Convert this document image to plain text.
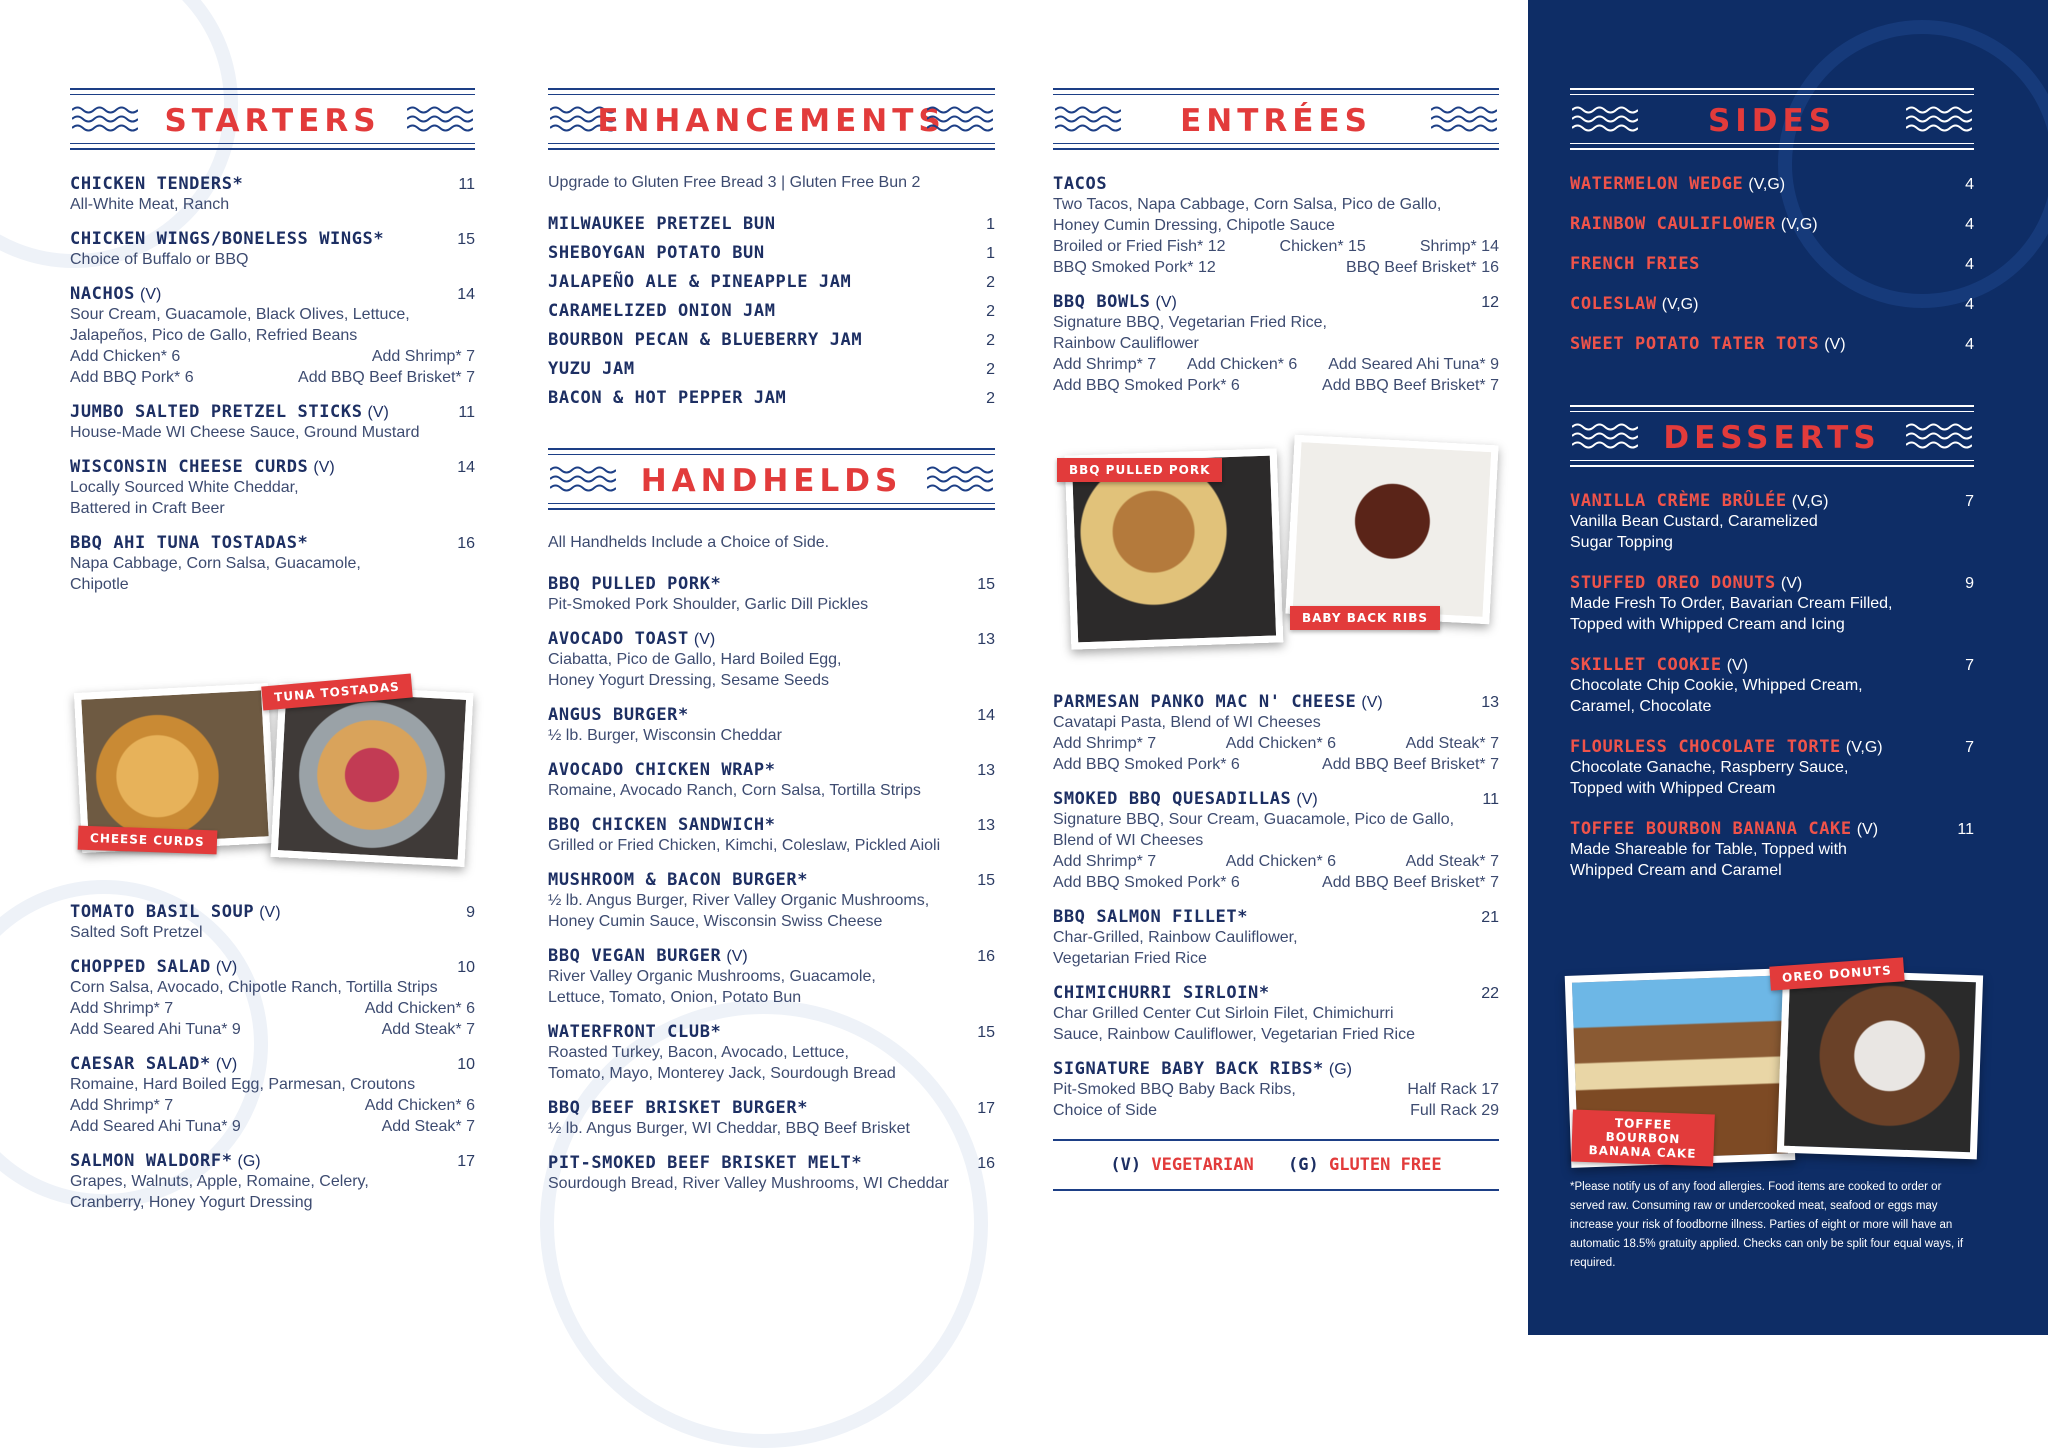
STARTERS
CHICKEN TENDERS*	11
All-White Meat, Ranch
CHICKEN WINGS/BONELESS WINGS*	15
Choice of Buffalo or BBQ
NACHOS (V)	14
Sour Cream, Guacamole, Black Olives, Lettuce,
Jalapeños, Pico de Gallo, Refried Beans
Add Chicken* 6	Add Shrimp* 7
Add BBQ Pork* 6	Add BBQ Beef Brisket* 7
JUMBO SALTED PRETZEL STICKS (V)	11
House-Made WI Cheese Sauce, Ground Mustard
WISCONSIN CHEESE CURDS (V)	14
Locally Sourced White Cheddar,
Battered in Craft Beer
BBQ AHI TUNA TOSTADAS*	16
Napa Cabbage, Corn Salsa, Guacamole,
Chipotle
TOMATO BASIL SOUP (V)	9
Salted Soft Pretzel
CHOPPED SALAD (V)	10
Corn Salsa, Avocado, Chipotle Ranch, Tortilla Strips
Add Shrimp* 7	Add Chicken* 6
Add Seared Ahi Tuna* 9	Add Steak* 7
CAESAR SALAD* (V)	10
Romaine, Hard Boiled Egg, Parmesan, Croutons
Add Shrimp* 7	Add Chicken* 6
Add Seared Ahi Tuna* 9	Add Steak* 7
SALMON WALDORF* (G)	17
Grapes, Walnuts, Apple, Romaine, Celery,
Cranberry, Honey Yogurt Dressing
TUNA TOSTADAS
CHEESE CURDS
ENHANCEMENTS
Upgrade to Gluten Free Bread 3 | Gluten Free Bun 2
MILWAUKEE PRETZEL BUN	1
SHEBOYGAN POTATO BUN	1
JALAPEÑO ALE & PINEAPPLE JAM	2
CARAMELIZED ONION JAM	2
BOURBON PECAN & BLUEBERRY JAM	2
YUZU JAM	2
BACON & HOT PEPPER JAM	2
HANDHELDS
All Handhelds Include a Choice of Side.
BBQ PULLED PORK*	15
Pit-Smoked Pork Shoulder, Garlic Dill Pickles
AVOCADO TOAST (V)	13
Ciabatta, Pico de Gallo, Hard Boiled Egg,
Honey Yogurt Dressing, Sesame Seeds
ANGUS BURGER*	14
½ lb. Burger, Wisconsin Cheddar
AVOCADO CHICKEN WRAP*	13
Romaine, Avocado Ranch, Corn Salsa, Tortilla Strips
BBQ CHICKEN SANDWICH*	13
Grilled or Fried Chicken, Kimchi, Coleslaw, Pickled Aioli
MUSHROOM & BACON BURGER*	15
½ lb. Angus Burger, River Valley Organic Mushrooms,
Honey Cumin Sauce, Wisconsin Swiss Cheese
BBQ VEGAN BURGER (V)	16
River Valley Organic Mushrooms, Guacamole,
Lettuce, Tomato, Onion, Potato Bun
WATERFRONT CLUB*	15
Roasted Turkey, Bacon, Avocado, Lettuce,
Tomato, Mayo, Monterey Jack, Sourdough Bread
BBQ BEEF BRISKET BURGER*	17
½ lb. Angus Burger, WI Cheddar, BBQ Beef Brisket
PIT-SMOKED BEEF BRISKET MELT*	16
Sourdough Bread, River Valley Mushrooms, WI Cheddar
ENTRÉES
TACOS
Two Tacos, Napa Cabbage, Corn Salsa, Pico de Gallo,
Honey Cumin Dressing, Chipotle Sauce
Broiled or Fried Fish* 12	Chicken* 15	Shrimp* 14
BBQ Smoked Pork* 12	BBQ Beef Brisket* 16
BBQ BOWLS (V)	12
Signature BBQ, Vegetarian Fried Rice,
Rainbow Cauliflower
Add Shrimp* 7 Add Chicken* 6 Add Seared Ahi Tuna* 9
Add BBQ Smoked Pork* 6	Add BBQ Beef Brisket* 7
PARMESAN PANKO MAC N' CHEESE (V)	13
Cavatapi Pasta, Blend of WI Cheeses
Add Shrimp* 7	Add Chicken* 6	Add Steak* 7
Add BBQ Smoked Pork* 6	Add BBQ Beef Brisket* 7
SMOKED BBQ QUESADILLAS (V)	11
Signature BBQ, Sour Cream, Guacamole, Pico de Gallo,
Blend of WI Cheeses
Add Shrimp* 7	Add Chicken* 6	Add Steak* 7
Add BBQ Smoked Pork* 6	Add BBQ Beef Brisket* 7
BBQ SALMON FILLET*	21
Char-Grilled, Rainbow Cauliflower,
Vegetarian Fried Rice
CHIMICHURRI SIRLOIN*	22
Char Grilled Center Cut Sirloin Filet, Chimichurri
Sauce, Rainbow Cauliflower, Vegetarian Fried Rice
SIGNATURE BABY BACK RIBS* (G)
Pit-Smoked BBQ Baby Back Ribs,	Half Rack 17
Choice of Side	Full Rack 29
(V) VEGETARIAN (G) GLUTEN FREE
BBQ PULLED PORK
BABY BACK RIBS
SIDES
WATERMELON WEDGE (V,G)	4
RAINBOW CAULIFLOWER (V,G)	4
FRENCH FRIES	4
COLESLAW (V,G)	4
SWEET POTATO TATER TOTS (V)	4
DESSERTS
VANILLA CRÈME BRÛLÉE (V,G)	7
Vanilla Bean Custard, Caramelized
Sugar Topping
STUFFED OREO DONUTS (V)	9
Made Fresh To Order, Bavarian Cream Filled,
Topped with Whipped Cream and Icing
SKILLET COOKIE (V)	7
Chocolate Chip Cookie, Whipped Cream,
Caramel, Chocolate
FLOURLESS CHOCOLATE TORTE (V,G)	7
Chocolate Ganache, Raspberry Sauce,
Topped with Whipped Cream
TOFFEE BOURBON BANANA CAKE (V)	11
Made Shareable for Table, Topped with
Whipped Cream and Caramel
OREO DONUTS
TOFFEE BOURBON BANANA CAKE
*Please notify us of any food allergies. Food items are cooked to order or served raw. Consuming raw or undercooked meat, seafood or eggs may increase your risk of foodborne illness. Parties of eight or more will have an automatic 18.5% gratuity applied. Checks can only be split four equal ways, if required.
